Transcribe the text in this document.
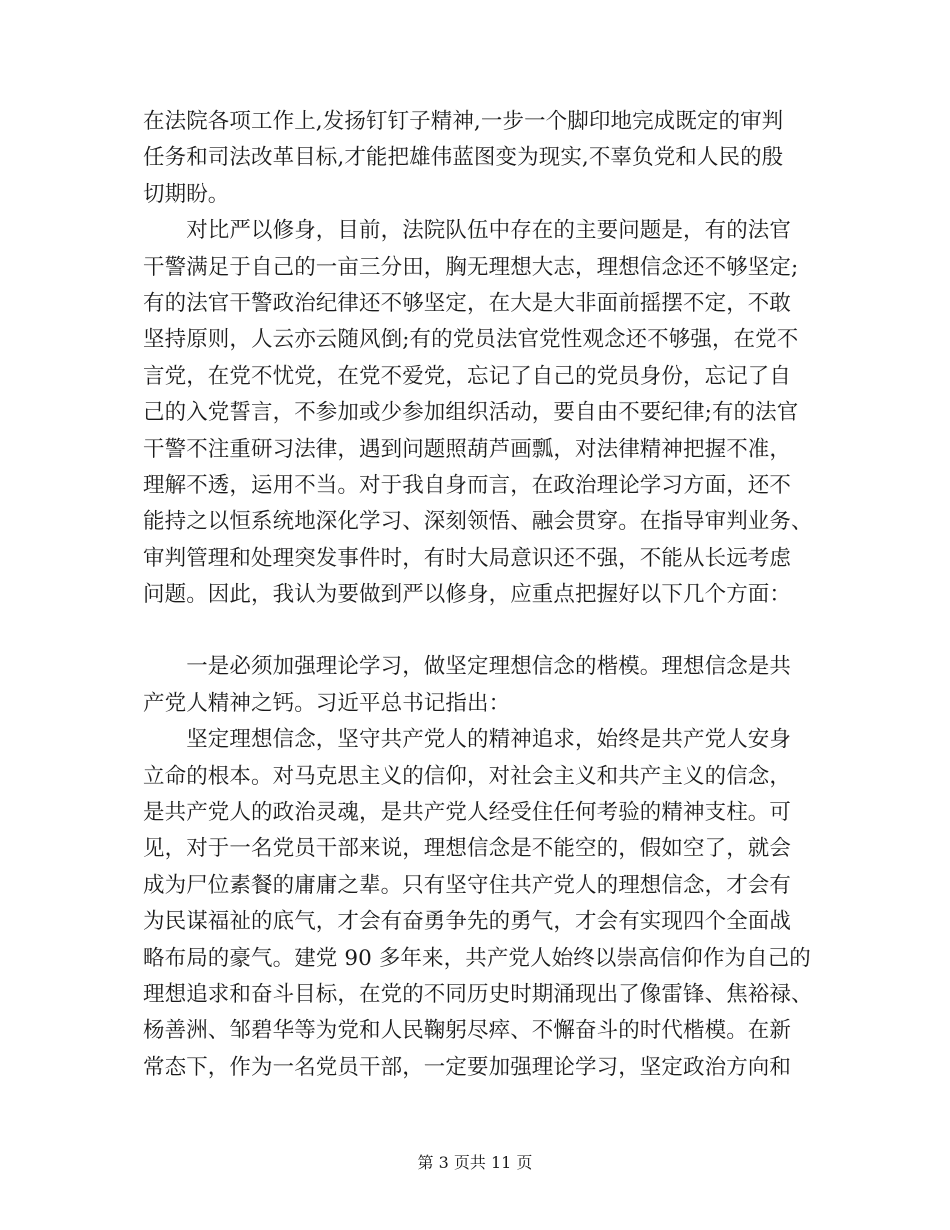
在法院各项工作上,发扬钉钉子精神,一步一个脚印地完成既定的审判
任务和司法改革目标,才能把雄伟蓝图变为现实,不辜负党和人民的殷
切期盼。
　　对比严以修身，目前，法院队伍中存在的主要问题是，有的法官
干警满足于自己的一亩三分田，胸无理想大志，理想信念还不够坚定;
有的法官干警政治纪律还不够坚定，在大是大非面前摇摆不定，不敢
坚持原则，人云亦云随风倒;有的党员法官党性观念还不够强，在党不
言党，在党不忧党，在党不爱党，忘记了自己的党员身份，忘记了自
己的入党誓言，不参加或少参加组织活动，要自由不要纪律;有的法官
干警不注重研习法律，遇到问题照葫芦画瓢，对法律精神把握不准，
理解不透，运用不当。对于我自身而言，在政治理论学习方面，还不
能持之以恒系统地深化学习、深刻领悟、融会贯穿。在指导审判业务、
审判管理和处理突发事件时，有时大局意识还不强，不能从长远考虑
问题。因此，我认为要做到严以修身，应重点把握好以下几个方面：
　　一是必须加强理论学习，做坚定理想信念的楷模。理想信念是共
产党人精神之钙。习近平总书记指出：
　　坚定理想信念，坚守共产党人的精神追求，始终是共产党人安身
立命的根本。对马克思主义的信仰，对社会主义和共产主义的信念，
是共产党人的政治灵魂，是共产党人经受住任何考验的精神支柱。可
见，对于一名党员干部来说，理想信念是不能空的，假如空了，就会
成为尸位素餐的庸庸之辈。只有坚守住共产党人的理想信念，才会有
为民谋福祉的底气，才会有奋勇争先的勇气，才会有实现四个全面战
略布局的豪气。建党 90 多年来，共产党人始终以崇高信仰作为自己的
理想追求和奋斗目标，在党的不同历史时期涌现出了像雷锋、焦裕禄、
杨善洲、邹碧华等为党和人民鞠躬尽瘁、不懈奋斗的时代楷模。在新
常态下，作为一名党员干部，一定要加强理论学习，坚定政治方向和
第 3 页共 11 页
